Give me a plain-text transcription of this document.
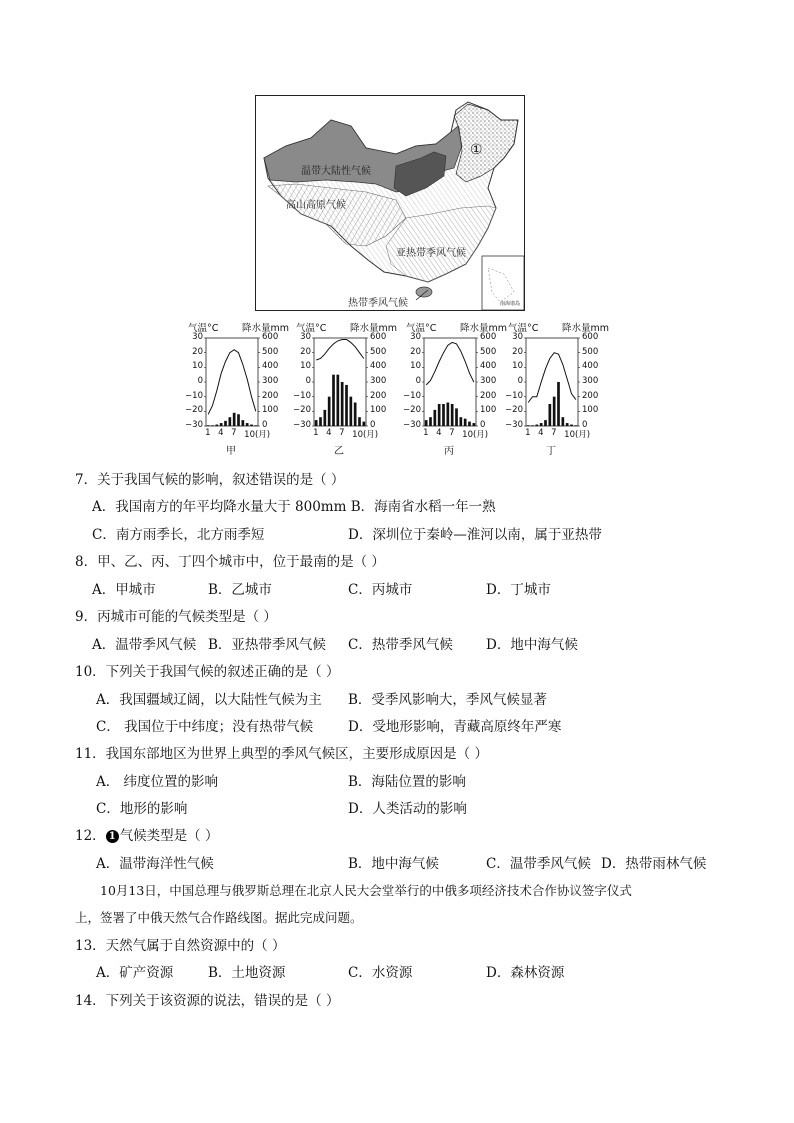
温带大陆性气候
高山高原气候
亚热带季风气候
热带季风气候
①
南海诸岛
气温°C 降水量mm
30
20
10
0
−10
−20
−30
600
500
400
300
200
100
0
1 4 7 10(月)
甲
气温°C 降水量mm
30
20
10
0
−10
−20
−30
600
500
400
300
200
100
0
1 4 7 10(月)
乙
气温°C 降水量mm
30
20
10
0
−10
−20
−30
600
500
400
300
200
100
0
1 4 7 10(月)
丙
气温°C 降水量mm
30
20
10
0
−10
−20
−30
600
500
400
300
200
100
0
1 4 7 10(月)
丁
7．关于我国气候的影响，叙述错误的是（ ）
A．我国南方的年平均降水量大于 800mm B．海南省水稻一年一熟
C．南方雨季长，北方雨季短	D．深圳位于秦岭—淮河以南，属于亚热带
8．甲、乙、丙、丁四个城市中，位于最南的是（ ）
A．甲城市	B．乙城市	C．丙城市	D．丁城市
9．丙城市可能的气候类型是（ ）
A．温带季风气候 B．亚热带季风气候 C．热带季风气候 D．地中海气候
10．下列关于我国气候的叙述正确的是（ ）
A．我国疆域辽阔，以大陆性气候为主 B．受季风影响大，季风气候显著
C． 我国位于中纬度；没有热带气候	D．受地形影响，青藏高原终年严寒
11．我国东部地区为世界上典型的季风气候区，主要形成原因是（ ）
A． 纬度位置的影响	B．海陆位置的影响
C．地形的影响	D．人类活动的影响
12． 1 气候类型是（ ）
A．温带海洋性气候	B．地中海气候	C．温带季风气候 D．热带雨林气候
10月13日，中国总理与俄罗斯总理在北京人民大会堂举行的中俄多项经济技术合作协议签字仪式
上，签署了中俄天然气合作路线图。据此完成问题。
13．天然气属于自然资源中的（ ）
A．矿产资源	B．土地资源	C．水资源	D．森林资源
14．下列关于该资源的说法，错误的是（ ）
